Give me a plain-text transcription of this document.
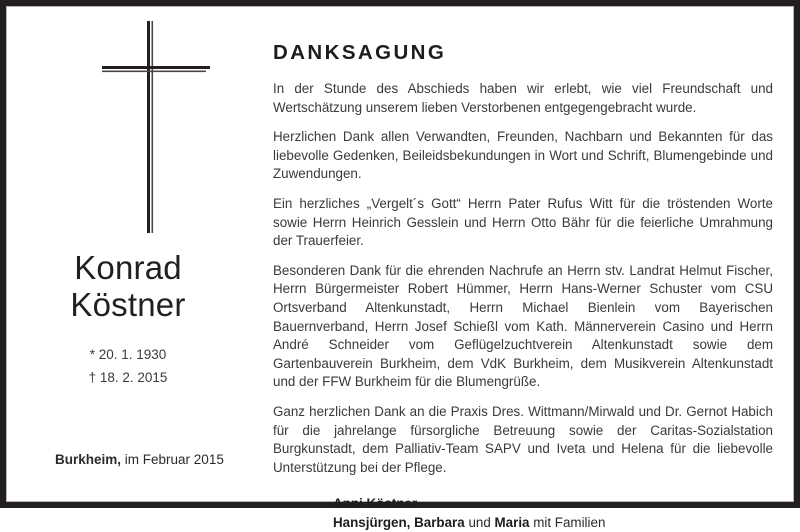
Konrad
Köstner
* 20. 1. 1930
† 18. 2. 2015
Burkheim, im Februar 2015
DANKSAGUNG

In der Stunde des Abschieds haben wir erlebt, wie viel Freundschaft und Wertschätzung unserem lieben Verstorbenen entgegengebracht wurde.

Herzlichen Dank allen Verwandten, Freunden, Nachbarn und Bekannten für das liebevolle Gedenken, Beileidsbekundungen in Wort und Schrift, Blumengebinde und Zuwendungen.

Ein herzliches „Vergelt´s Gott“ Herrn Pater Rufus Witt für die tröstenden Worte sowie Herrn Heinrich Gesslein und Herrn Otto Bähr für die feierliche Umrahmung der Trauerfeier.

Besonderen Dank für die ehrenden Nachrufe an Herrn stv. Landrat Helmut Fischer, Herrn Bürgermeister Robert Hümmer, Herrn Hans-Werner Schuster vom CSU Ortsverband Altenkunstadt, Herrn Michael Bienlein vom Bayerischen Bauernverband, Herrn Josef Schießl vom Kath. Männerverein Casino und Herrn André Schneider vom Geflügelzuchtverein Altenkunstadt sowie dem Gartenbauverein Burkheim, dem VdK Burkheim, dem Musikverein Altenkunstadt und der FFW Burkheim für die Blumengrüße.

Ganz herzlichen Dank an die Praxis Dres. Wittmann/Mirwald und Dr. Gernot Habich für die jahrelange fürsorgliche Betreuung sowie der Caritas-Sozialstation Burgkunstadt, dem Palliativ-Team SAPV und Iveta und Helena für die liebevolle Unterstützung bei der Pflege.

Anni Köstner
Hansjürgen, Barbara und Maria mit Familien
